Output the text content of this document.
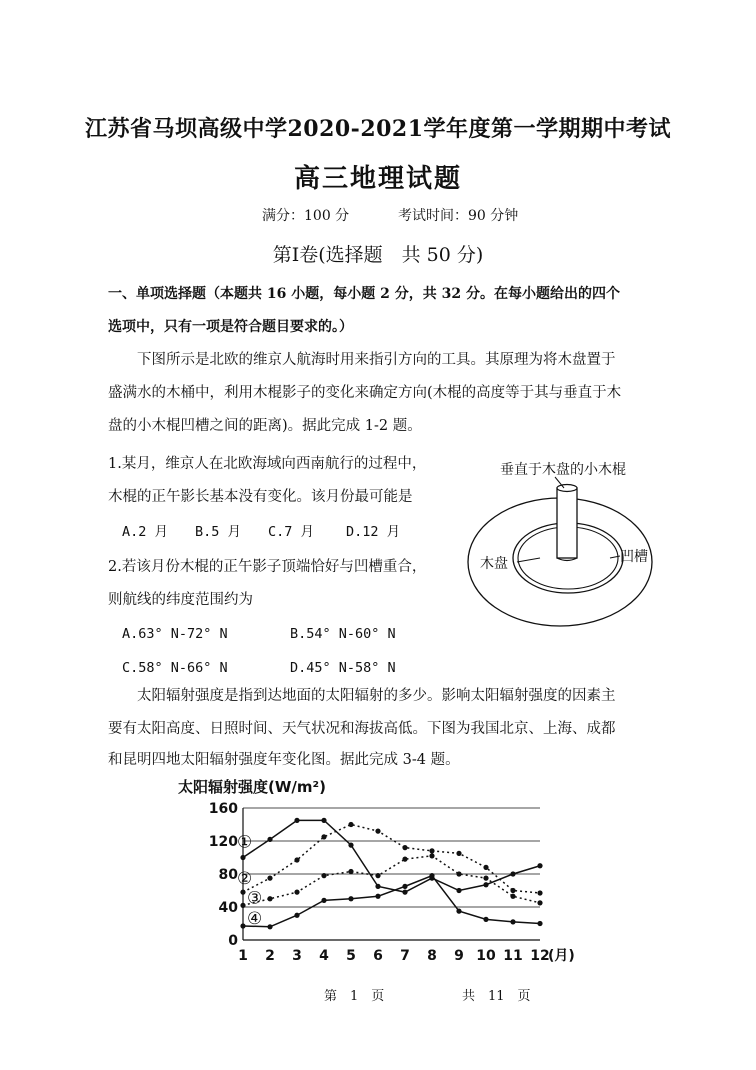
江苏省马坝高级中学2020-2021学年度第一学期期中考试
高三地理试题
满分：100 分	考试时间：90 分钟
第Ⅰ卷(选择题　共 50 分)
一、单项选择题（本题共 16 小题，每小题 2 分，共 32 分。在每小题给出的四个
选项中，只有一项是符合题目要求的。）
下图所示是北欧的维京人航海时用来指引方向的工具。其原理为将木盘置于
盛满水的木桶中，利用木棍影子的变化来确定方向(木棍的高度等于其与垂直于木
盘的小木棍凹槽之间的距离)。据此完成 1-2 题。
1.某月，维京人在北欧海域向西南航行的过程中，
木棍的正午影长基本没有变化。该月份最可能是
A.2 月 B.5 月 C.7 月 D.12 月
2.若该月份木棍的正午影子顶端恰好与凹槽重合，
则航线的纬度范围约为
A.63° N-72° N	B.54° N-60° N
C.58° N-66° N	D.45° N-58° N
垂直于木盘的小木棍
木盘	凹槽
太阳辐射强度是指到达地面的太阳辐射的多少。影响太阳辐射强度的因素主
要有太阳高度、日照时间、天气状况和海拔高低。下图为我国北京、上海、成都
和昆明四地太阳辐射强度年变化图。据此完成 3-4 题。
太阳辐射强度(W/m²)
0
40
80
120
160
1 2 3 4 5 6 7 8 9 10 11 12
①
②
③
④
(月)
第　1　页	共　11　页
